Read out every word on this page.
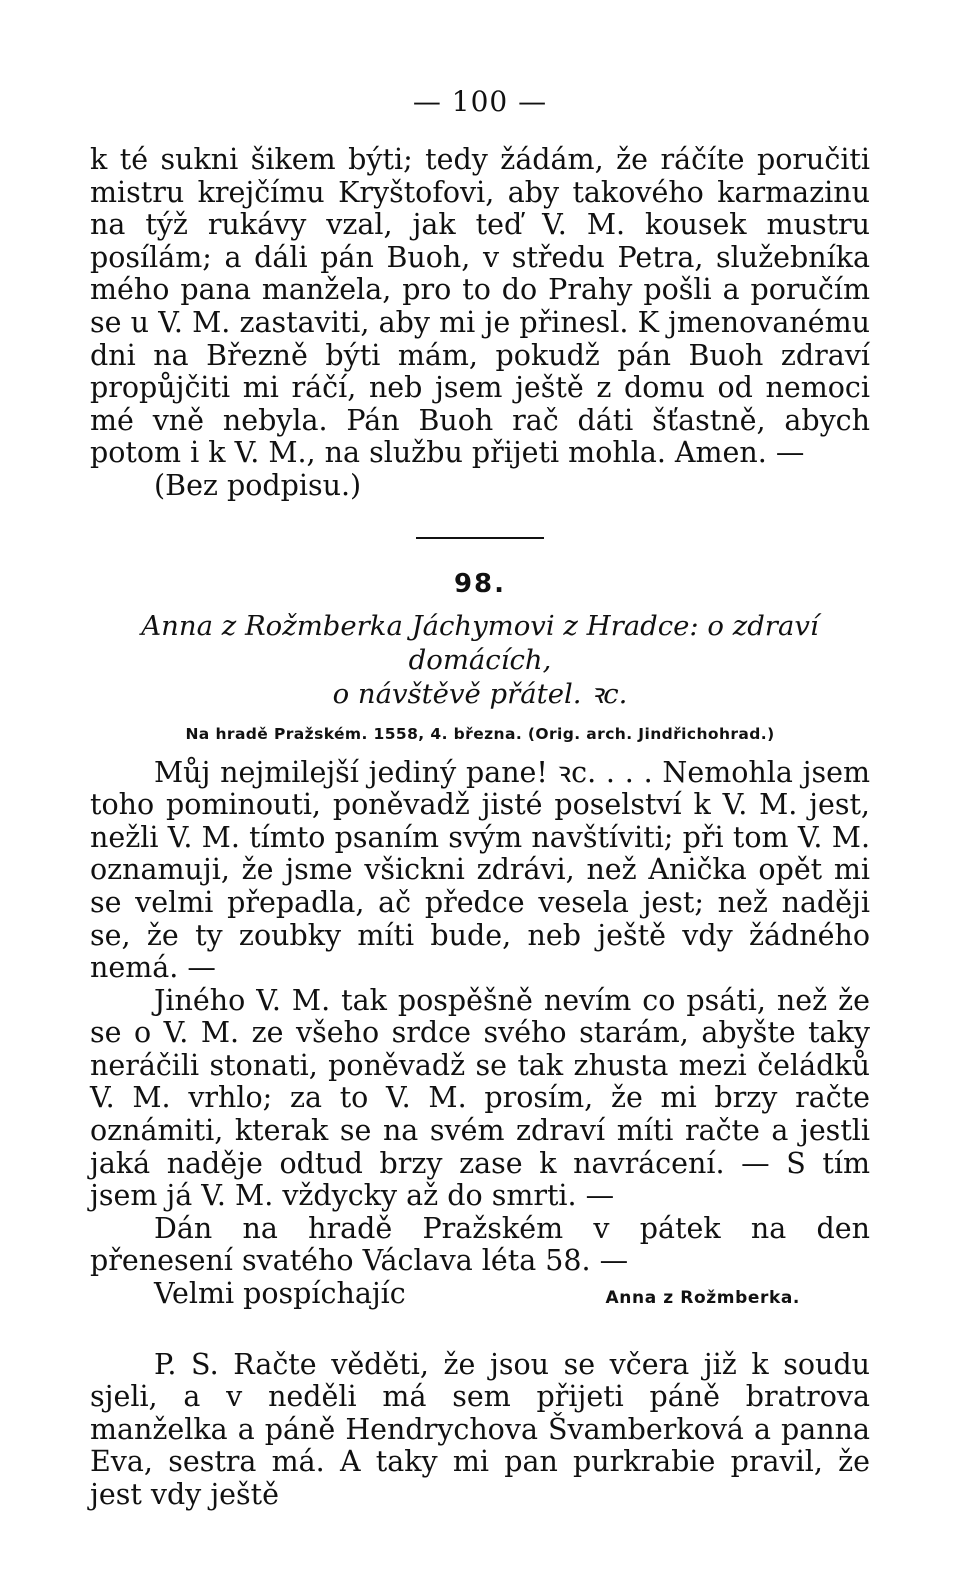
— 100 —

k té sukni šikem býti; tedy žádám, že ráčíte poručiti mistru krejčímu Kryštofovi, aby takového karmazinu na týž rukávy vzal, jak teď V. M. kousek mustru posílám; a dáli pán Buoh, v středu Petra, služebníka mého pana manžela, pro to do Prahy pošli a poručím se u V. M. zastaviti, aby mi je přinesl. K jmenovanému dni na Březně býti mám, pokudž pán Buoh zdraví propůjčiti mi ráčí, neb jsem ještě z domu od nemoci mé vně nebyla. Pán Buoh rač dáti šťastně, abych potom i k V. M., na službu přijeti mohla. Amen. —

(Bez podpisu.)

98.
Anna z Rožmberka Jáchymovi z Hradce: o zdraví domácích,
o návštěvě přátel. ꝛc.
Na hradě Pražském. 1558, 4. března. (Orig. arch. Jindřichohrad.)

Můj nejmilejší jediný pane! ꝛc. . . . Nemohla jsem toho pominouti, poněvadž jisté poselství k V. M. jest, nežli V. M. tímto psaním svým navštíviti; při tom V. M. oznamuji, že jsme všickni zdrávi, než Anička opět mi se velmi přepadla, ač předce vesela jest; než naději se, že ty zoubky míti bude, neb ještě vdy žádného nemá. —

Jiného V. M. tak pospěšně nevím co psáti, než že se o V. M. ze všeho srdce svého starám, abyšte taky neráčili stonati, poněvadž se tak zhusta mezi čeládků V. M. vrhlo; za to V. M. prosím, že mi brzy račte oznámiti, kterak se na svém zdraví míti račte a jestli jaká naděje odtud brzy zase k navrácení. — S tím jsem já V. M. vždycky až do smrti. —

Dán na hradě Pražském v pátek na den přenesení svatého Václava léta 58. —

Velmi pospíchajíc	Anna z Rožmberka.

P. S. Račte věděti, že jsou se včera již k soudu sjeli, a v neděli má sem přijeti páně bratrova manželka a páně Hendrychova Švamberková a panna Eva, sestra má. A taky mi pan purkrabie pravil, že jest vdy ještě
